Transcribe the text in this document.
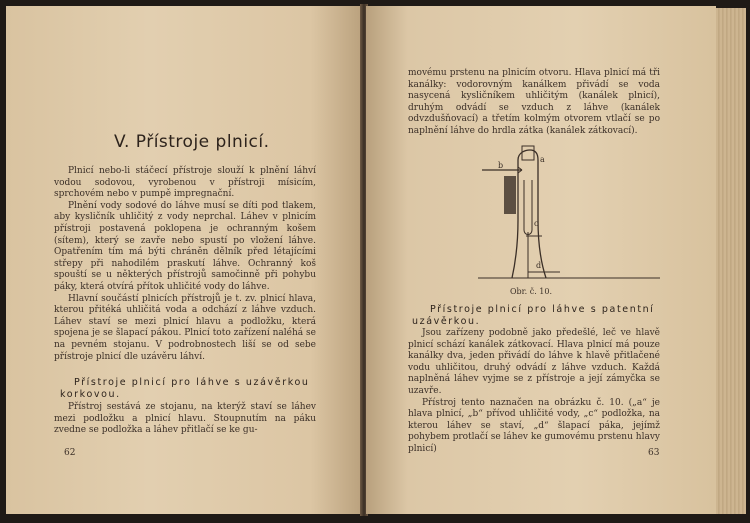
V. Přístroje plnicí.

Plnicí nebo-li stáčecí přístroje slouží k plnění láhví vodou sodovou, vyrobenou v přístroji mísicím, sprchovém nebo v pumpě impregnační.

Plnění vody sodové do láhve musí se díti pod tlakem, aby kysličník uhličitý z vody neprchal. Láhev v plnicím přístroji postavená poklopena je ochranným košem (sítem), který se zavře nebo spustí po vložení láhve. Opatřením tím má býti chráněn dělník před létajícími střepy při nahodilém praskutí láhve. Ochranný koš spouští se u některých přístrojů samočinně při pohybu páky, která otvírá přítok uhličité vody do láhve.

Hlavní součástí plnicích přístrojů je t. zv. plnicí hlava, kterou přitéká uhličitá voda a odchází z láhve vzduch. Láhev staví se mezi plnicí hlavu a podložku, která spojena je se šlapací pákou. Plnicí toto zařízení naléhá se na pevném stojanu. V podrobnostech liší se od sebe přístroje plnicí dle uzávěru láhví.

Přístroje plnicí pro láhve s uzávěrkou korkovou.

Přístroj sestává ze stojanu, na kterýž staví se láhev mezi podložku a plnicí hlavu. Stoupnutím na páku zvedne se podložka a láhev přitlačí se ke gu-

62

movému prstenu na plnicím otvoru. Hlava plnicí má tři kanálky: vodorovným kanálkem přivádí se voda nasycená kysličníkem uhličitým (kanálek plnicí), druhým odvádí se vzduch z láhve (kanálek odvzdušňovací) a třetím kolmým otvorem vtlačí se po naplnění láhve do hrdla zátka (kanálek zátkovací).

a
b
c
d
Obr. č. 10.
Přístroje plnicí pro láhve s patentní uzávěrkou.

Jsou zařízeny podobně jako předešlé, leč ve hlavě plnicí schází kanálek zátkovací. Hlava plnicí má pouze kanálky dva, jeden přivádí do láhve k hlavě přitlačené vodu uhličitou, druhý odvádí z láhve vzduch. Každá naplněná láhev vyjme se z přístroje a její zámyčka se uzavře.

Přístroj tento naznačen na obrázku č. 10. („a“ je hlava plnicí, „b“ přívod uhličité vody, „c“ podložka, na kterou láhev se staví, „d“ šlapací páka, jejímž pohybem protlačí se láhev ke gumovému prstenu hlavy plnicí)	63
